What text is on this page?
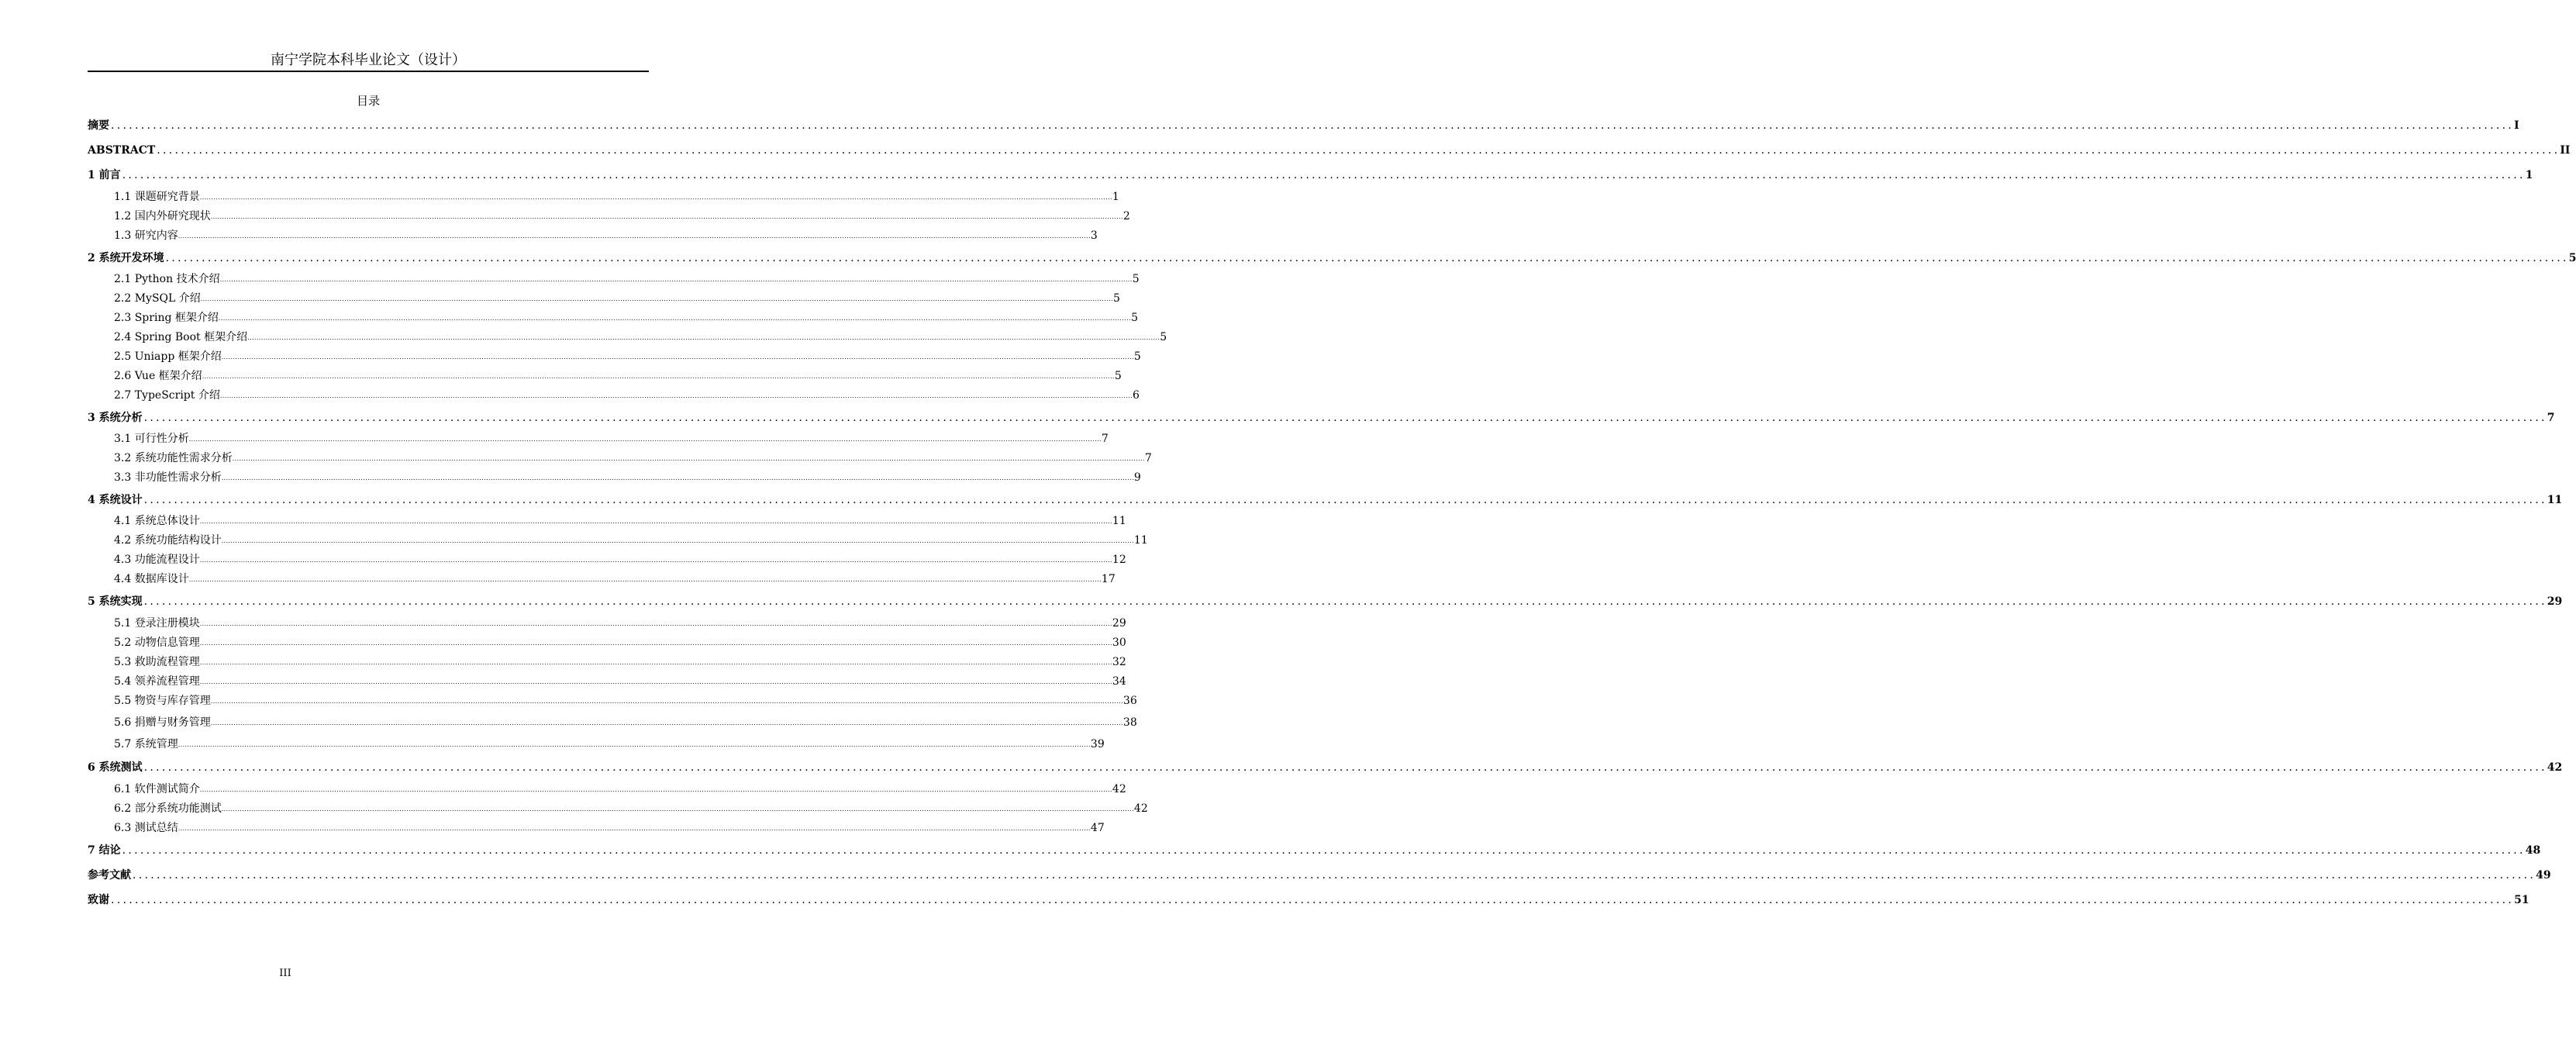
南宁学院本科毕业论文（设计）
目录
摘要 ................................................................................................................................................................................................................................................................................................................................................................................................................ I
ABSTRACT ................................................................................................................................................................................................................................................................................................................................................................................................................ II
1 前言 ................................................................................................................................................................................................................................................................................................................................................................................................................ 1
1.1 课题研究背景 ................................................................................................................................................................................................................................................................................................................................................................................................................ 1
1.2 国内外研究现状 ................................................................................................................................................................................................................................................................................................................................................................................................................ 2
1.3 研究内容 ................................................................................................................................................................................................................................................................................................................................................................................................................ 3
2 系统开发环境 ................................................................................................................................................................................................................................................................................................................................................................................................................ 5
2.1 Python 技术介绍 ................................................................................................................................................................................................................................................................................................................................................................................................................ 5
2.2 MySQL 介绍 ................................................................................................................................................................................................................................................................................................................................................................................................................ 5
2.3 Spring 框架介绍 ................................................................................................................................................................................................................................................................................................................................................................................................................ 5
2.4 Spring Boot 框架介绍 ................................................................................................................................................................................................................................................................................................................................................................................................................ 5
2.5 Uniapp 框架介绍 ................................................................................................................................................................................................................................................................................................................................................................................................................ 5
2.6 Vue 框架介绍 ................................................................................................................................................................................................................................................................................................................................................................................................................ 5
2.7 TypeScript 介绍 ................................................................................................................................................................................................................................................................................................................................................................................................................ 6
3 系统分析 ................................................................................................................................................................................................................................................................................................................................................................................................................ 7
3.1 可行性分析 ................................................................................................................................................................................................................................................................................................................................................................................................................ 7
3.2 系统功能性需求分析 ................................................................................................................................................................................................................................................................................................................................................................................................................ 7
3.3 非功能性需求分析 ................................................................................................................................................................................................................................................................................................................................................................................................................ 9
4 系统设计 ................................................................................................................................................................................................................................................................................................................................................................................................................ 11
4.1 系统总体设计 ................................................................................................................................................................................................................................................................................................................................................................................................................ 11
4.2 系统功能结构设计 ................................................................................................................................................................................................................................................................................................................................................................................................................ 11
4.3 功能流程设计 ................................................................................................................................................................................................................................................................................................................................................................................................................ 12
4.4 数据库设计 ................................................................................................................................................................................................................................................................................................................................................................................................................ 17
5 系统实现 ................................................................................................................................................................................................................................................................................................................................................................................................................ 29
5.1 登录注册模块 ................................................................................................................................................................................................................................................................................................................................................................................................................ 29
5.2 动物信息管理 ................................................................................................................................................................................................................................................................................................................................................................................................................ 30
5.3 救助流程管理 ................................................................................................................................................................................................................................................................................................................................................................................................................ 32
5.4 领养流程管理 ................................................................................................................................................................................................................................................................................................................................................................................................................ 34
5.5 物资与库存管理 ................................................................................................................................................................................................................................................................................................................................................................................................................ 36
5.6 捐赠与财务管理 ................................................................................................................................................................................................................................................................................................................................................................................................................ 38
5.7 系统管理 ................................................................................................................................................................................................................................................................................................................................................................................................................ 39
6 系统测试 ................................................................................................................................................................................................................................................................................................................................................................................................................ 42
6.1 软件测试简介 ................................................................................................................................................................................................................................................................................................................................................................................................................ 42
6.2 部分系统功能测试 ................................................................................................................................................................................................................................................................................................................................................................................................................ 42
6.3 测试总结 ................................................................................................................................................................................................................................................................................................................................................................................................................ 47
7 结论 ................................................................................................................................................................................................................................................................................................................................................................................................................ 48
参考文献 ................................................................................................................................................................................................................................................................................................................................................................................................................ 49
致谢 ................................................................................................................................................................................................................................................................................................................................................................................................................ 51
III
